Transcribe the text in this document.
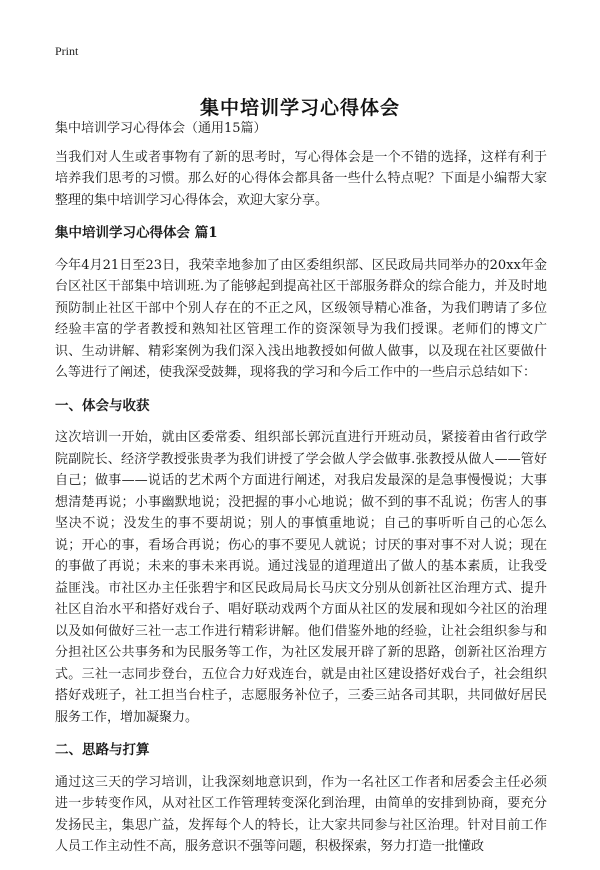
Print
集中培训学习心得体会

集中培训学习心得体会（通用15篇）

当我们对人生或者事物有了新的思考时，写心得体会是一个不错的选择，这样有利于培养我们思考的习惯。那么好的心得体会都具备一些什么特点呢？下面是小编帮大家整理的集中培训学习心得体会，欢迎大家分享。

集中培训学习心得体会 篇1

今年4月21日至23日，我荣幸地参加了由区委组织部、区民政局共同举办的20xx年金台区社区干部集中培训班.为了能够起到提高社区干部服务群众的综合能力，并及时地预防制止社区干部中个别人存在的不正之风，区级领导精心准备，为我们聘请了多位经验丰富的学者教授和熟知社区管理工作的资深领导为我们授课。老师们的博文广识、生动讲解、精彩案例为我们深入浅出地教授如何做人做事，以及现在社区要做什么等进行了阐述，使我深受鼓舞，现将我的学习和今后工作中的一些启示总结如下：

一、体会与收获

这次培训一开始，就由区委常委、组织部长郭沅直进行开班动员，紧接着由省行政学院副院长、经济学教授张贵孝为我们讲授了学会做人学会做事.张教授从做人——管好自己；做事——说话的艺术两个方面进行阐述，对我启发最深的是急事慢慢说；大事想清楚再说；小事幽默地说；没把握的事小心地说；做不到的事不乱说；伤害人的事坚决不说；没发生的事不要胡说；别人的事慎重地说；自己的事听听自己的心怎么说；开心的事，看场合再说；伤心的事不要见人就说；讨厌的事对事不对人说；现在的事做了再说；未来的事未来再说。通过浅显的道理道出了做人的基本素质，让我受益匪浅。市社区办主任张碧宇和区民政局局长马庆文分别从创新社区治理方式、提升社区自治水平和搭好戏台子、唱好联动戏两个方面从社区的发展和现如今社区的治理以及如何做好三社一志工作进行精彩讲解。他们借鉴外地的经验，让社会组织参与和分担社区公共事务和为民服务等工作，为社区发展开辟了新的思路，创新社区治理方式。三社一志同步登台，五位合力好戏连台，就是由社区建设搭好戏台子，社会组织搭好戏班子，社工担当台柱子，志愿服务补位子，三委三站各司其职，共同做好居民服务工作，增加凝聚力。

二、思路与打算

通过这三天的学习培训，让我深刻地意识到，作为一名社区工作者和居委会主任必须进一步转变作风，从对社区工作管理转变深化到治理，由简单的安排到协商，要充分发扬民主，集思广益，发挥每个人的特长，让大家共同参与社区治理。针对目前工作人员工作主动性不高，服务意识不强等问题，积极探索，努力打造一批懂政
